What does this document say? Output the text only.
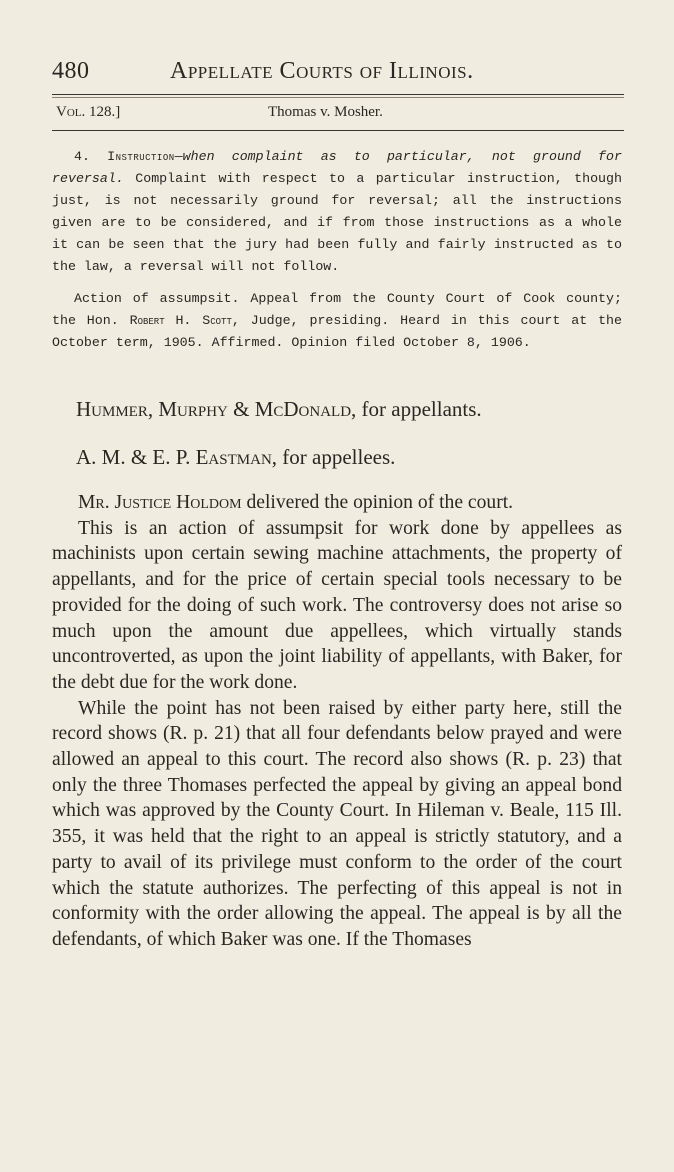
480	Appellate Courts of Illinois.
Vol. 128.]	Thomas v. Mosher.
4. Instruction—when complaint as to particular, not ground for reversal. Complaint with respect to a particular instruction, though just, is not necessarily ground for reversal; all the instructions given are to be considered, and if from those instructions as a whole it can be seen that the jury had been fully and fairly instructed as to the law, a reversal will not follow.
Action of assumpsit. Appeal from the County Court of Cook county; the Hon. Robert H. Scott, Judge, presiding. Heard in this court at the October term, 1905. Affirmed. Opinion filed October 8, 1906.
Hummer, Murphy & McDonald, for appellants.
A. M. & E. P. Eastman, for appellees.

Mr. Justice Holdom delivered the opinion of the court.

This is an action of assumpsit for work done by appellees as machinists upon certain sewing machine attachments, the property of appellants, and for the price of certain special tools necessary to be provided for the doing of such work. The controversy does not arise so much upon the amount due appellees, which virtually stands uncontroverted, as upon the joint liability of appellants, with Baker, for the debt due for the work done.

While the point has not been raised by either party here, still the record shows (R. p. 21) that all four defendants below prayed and were allowed an appeal to this court. The record also shows (R. p. 23) that only the three Thomases perfected the appeal by giving an appeal bond which was approved by the County Court. In Hileman v. Beale, 115 Ill. 355, it was held that the right to an appeal is strictly statutory, and a party to avail of its privilege must conform to the order of the court which the statute authorizes. The perfecting of this appeal is not in conformity with the order allowing the appeal. The appeal is by all the defendants, of which Baker was one. If the Thomases
